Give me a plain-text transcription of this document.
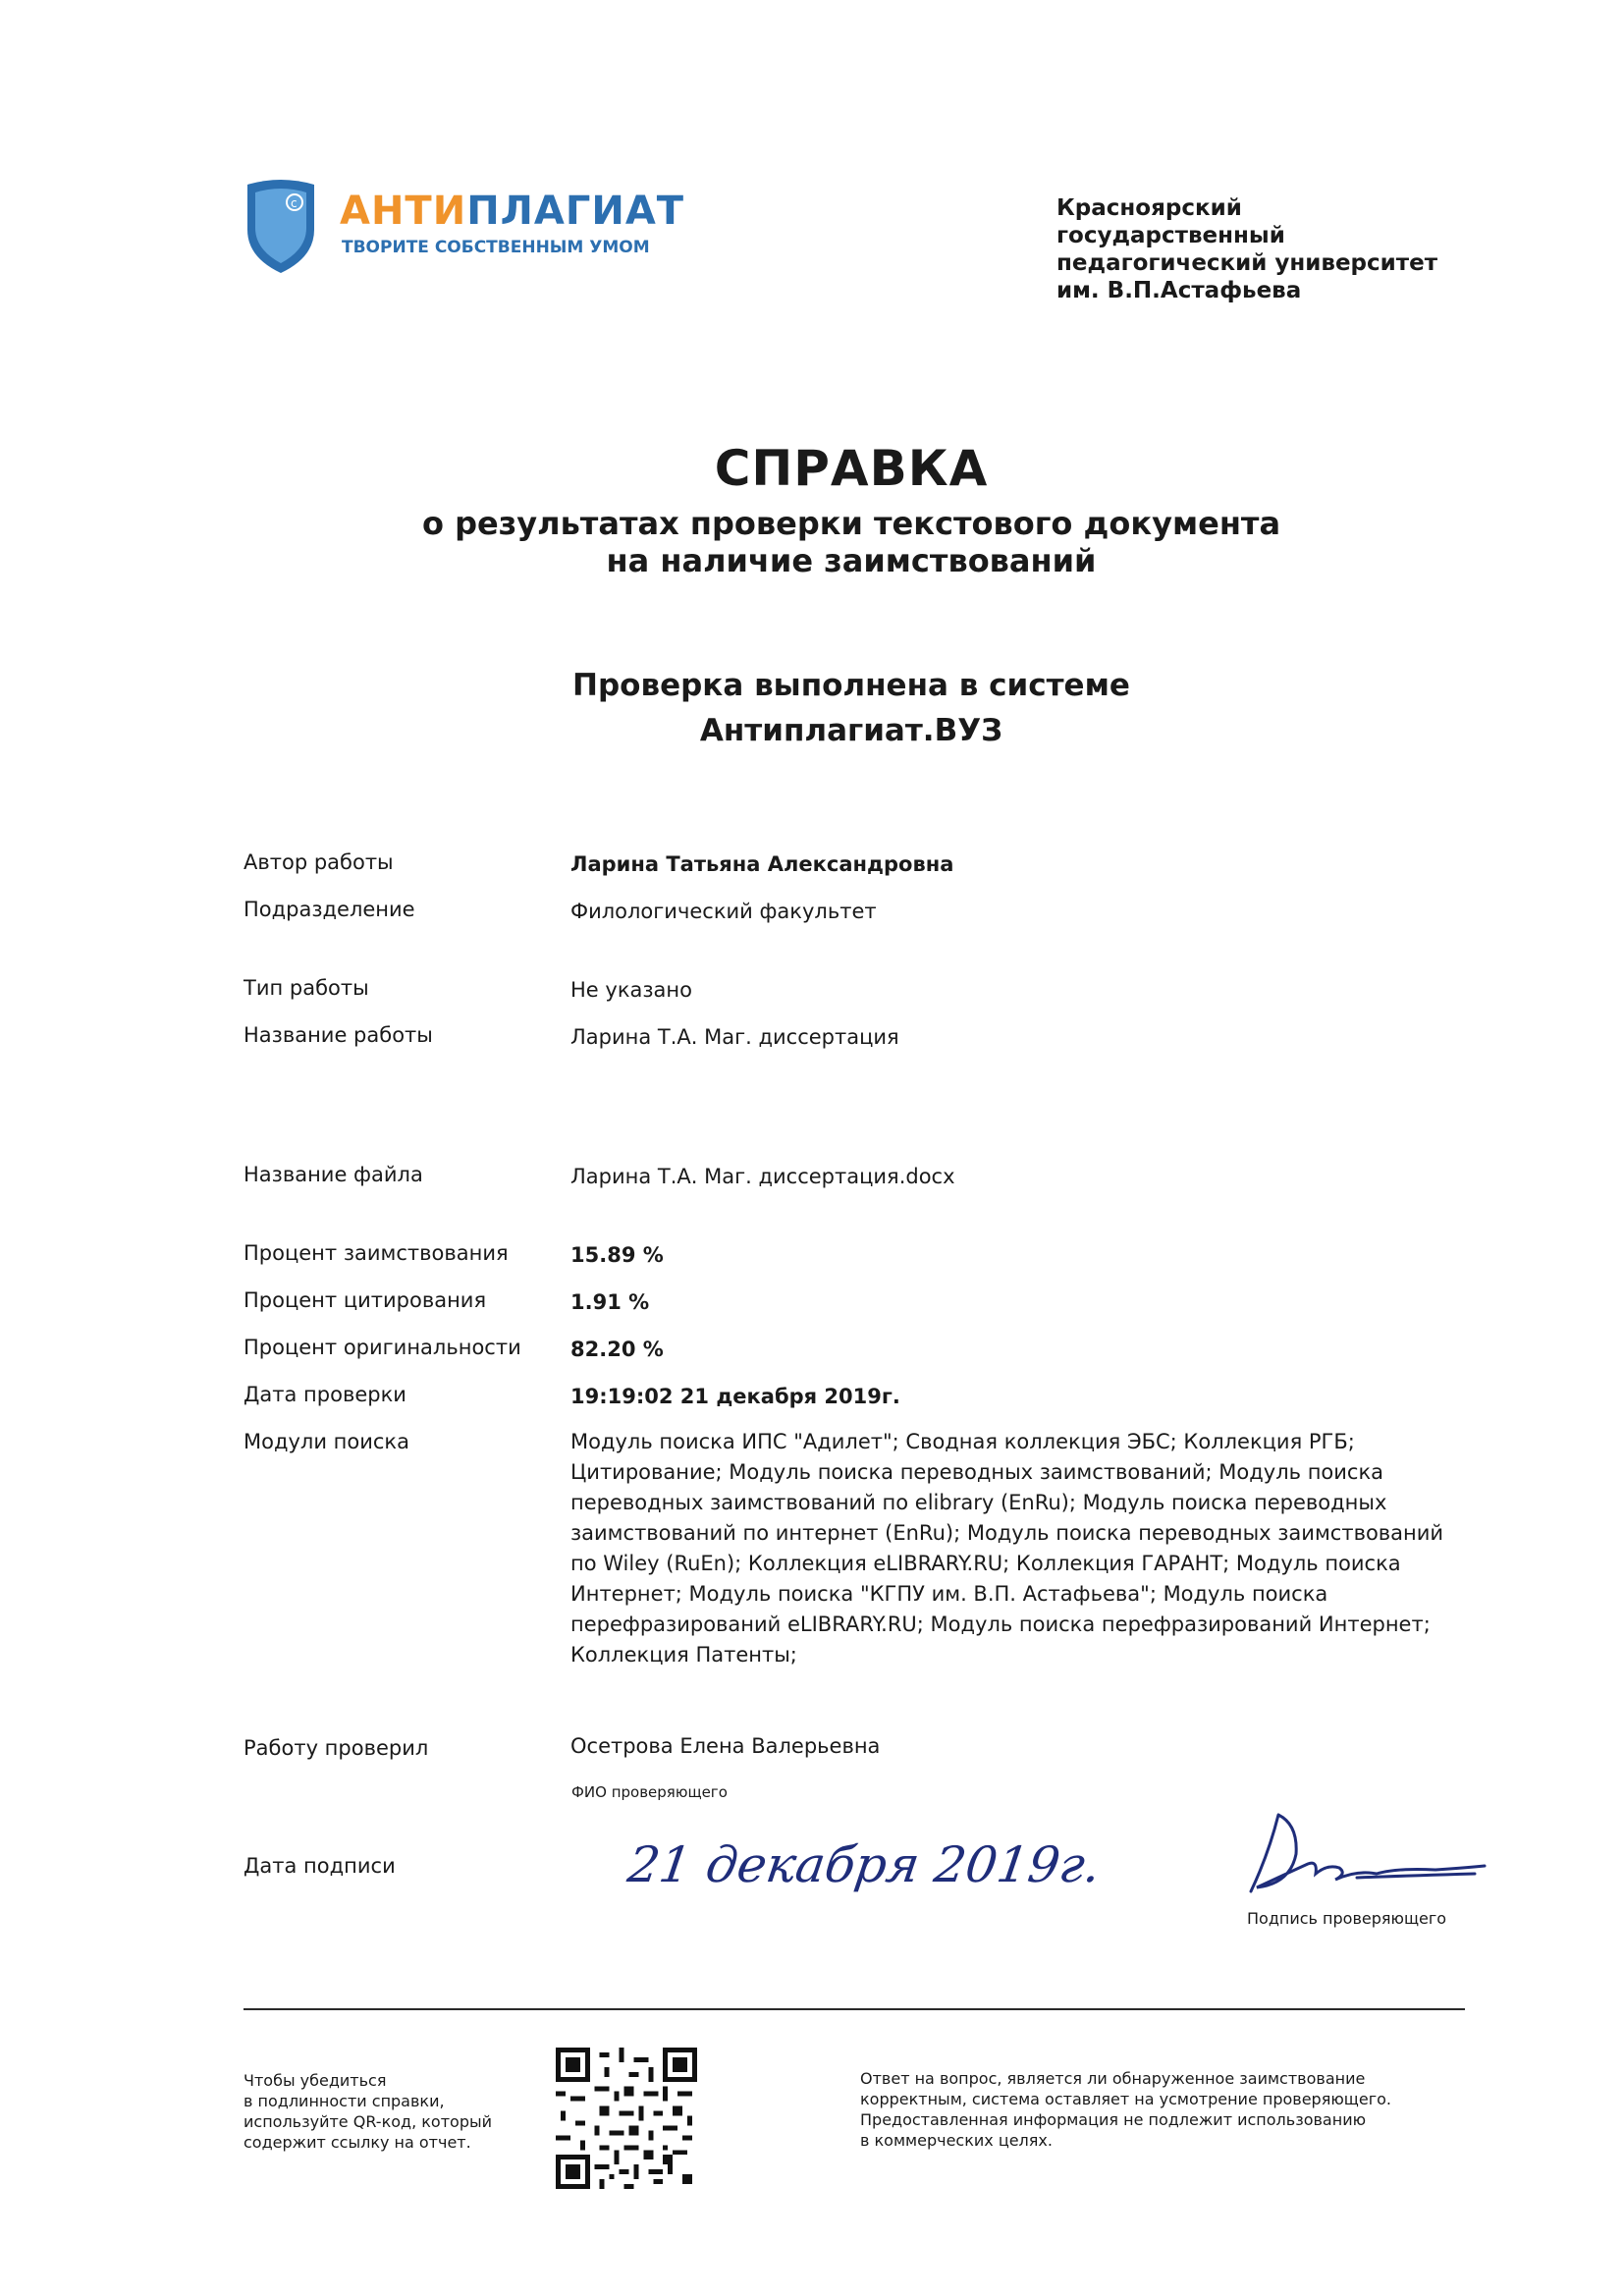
c АНТИПЛАГИАТ
ТВОРИТЕ СОБСТВЕННЫМ УМОМ
Красноярский
государственный
педагогический университет
им. В.П.Астафьева
СПРАВКА
о результатах проверки текстового документа
на наличие заимствований
Проверка выполнена в системе
Антиплагиат.ВУЗ
Автор работы	Ларина Татьяна Александровна
Подразделение	Филологический факультет
Тип работы	Не указано
Название работы	Ларина Т.А. Маг. диссертация
Название файла	Ларина Т.А. Маг. диссертация.docx
Процент заимствования	15.89 %
Процент цитирования	1.91 %
Процент оригинальности 82.20 %
Дата проверки	19:19:02 21 декабря 2019г.
Модули поиска	Модуль поиска ИПС "Адилет"; Сводная коллекция ЭБС; Коллекция РГБ; Цитирование; Модуль поиска переводных заимствований; Модуль поиска переводных заимствований по elibrary (EnRu); Модуль поиска переводных заимствований по интернет (EnRu); Модуль поиска переводных заимствований по Wiley (RuEn); Коллекция eLIBRARY.RU; Коллекция ГАРАНТ; Модуль поиска Интернет; Модуль поиска "КГПУ им. В.П. Астафьева"; Модуль поиска перефразирований eLIBRARY.RU; Модуль поиска перефразирований Интернет; Коллекция Патенты;
Работу проверил	Осетрова Елена Валерьевна
ФИО проверяющего
Дата подписи	21 декабря 2019г.
Подпись проверяющего
Чтобы убедиться
в подлинности справки,
используйте QR-код, который
содержит ссылку на отчет.
Ответ на вопрос, является ли обнаруженное заимствование
корректным, система оставляет на усмотрение проверяющего.
Предоставленная информация не подлежит использованию
в коммерческих целях.
